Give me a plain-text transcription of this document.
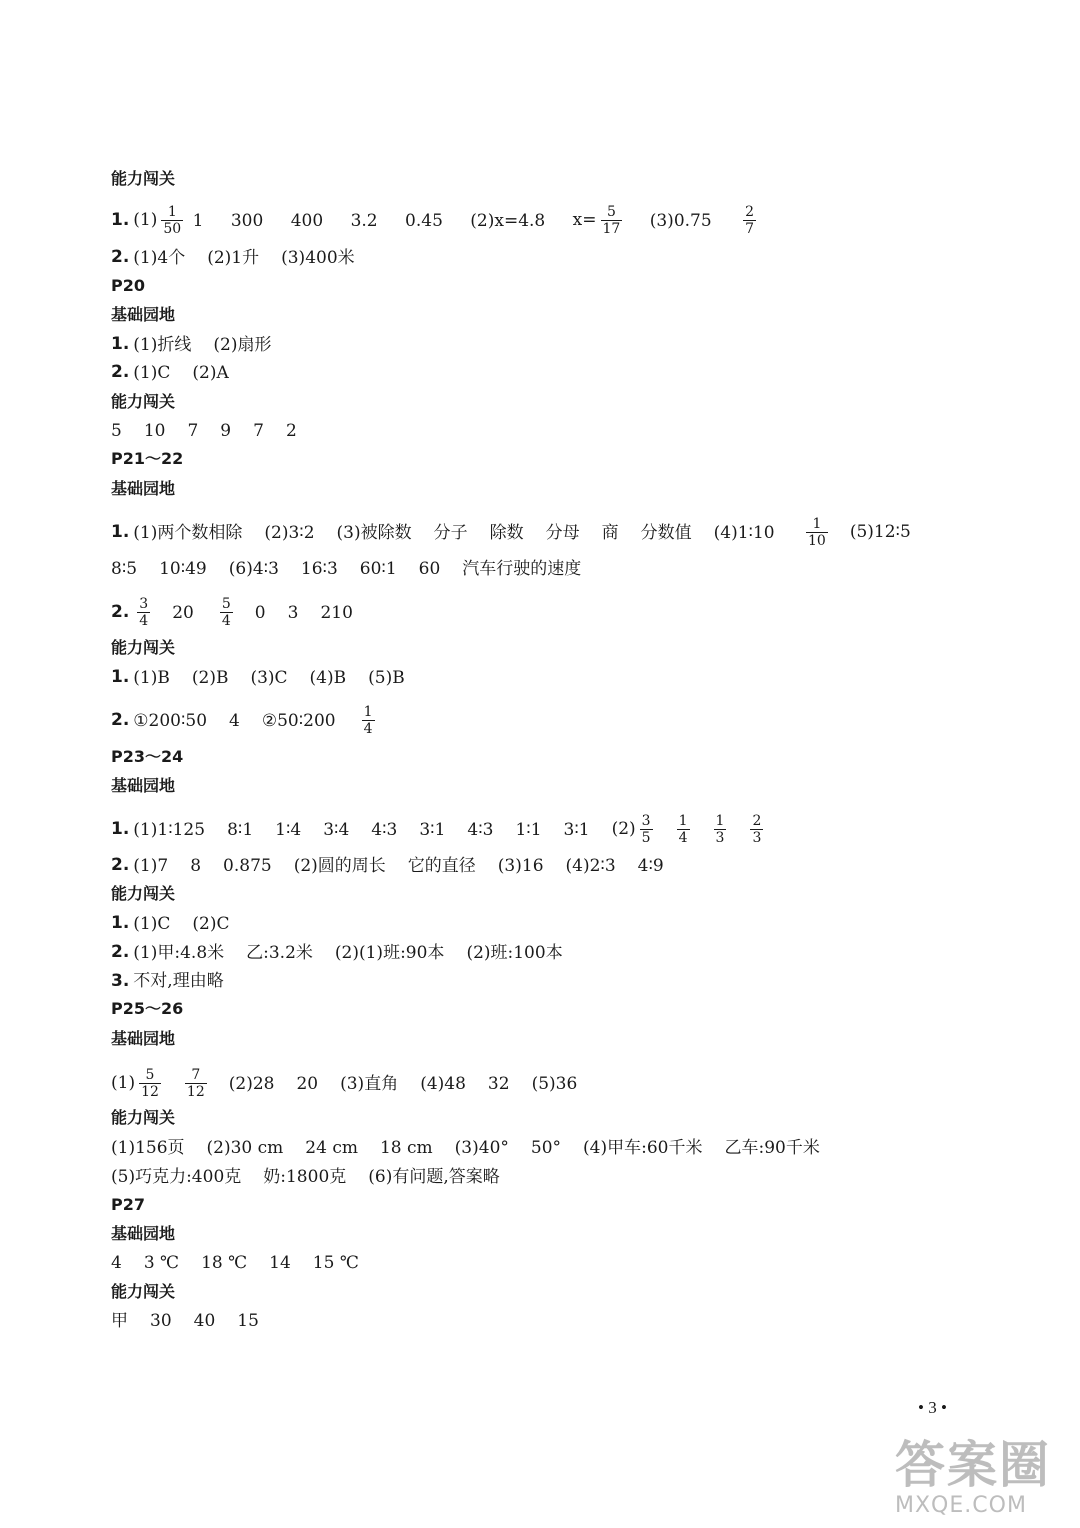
能力闯关
1. $(1) \frac{1}{50} 1$ 300 400 3.2 0.45 (2)x=4.8 $x= \frac{5}{17} (3)0.75 \frac{2}{7}$
2. (1)4个 (2)1升 (3)400米
P20
基础园地
1. (1)折线 (2)扇形
2. (1)C (2)A
能力闯关
5 10 7 9 7 2
P21～22
基础园地
1. (1)两个数相除 (2)3∶2 (3)被除数 分子 除数 分母 商 分数值 (4)1∶10 $\frac{1}{10}$ (5)12∶5
8∶5 10∶49 (6)4∶3 16∶3 60∶1 60 汽车行驶的速度
2. $\frac{3}{4} 20 \frac{5}{4} 0$ 3 210
能力闯关
1. (1)B (2)B (3)C (4)B (5)B
2. ①200∶50 4 ②50∶200 $\frac{1}{4}$
P23～24
基础园地
1. (1)1∶125 8∶1 1∶4 3∶4 4∶3 3∶1 4∶3 1∶1 3∶1 $(2) \frac{3}{5} \frac{1}{4} \frac{1}{3} \frac{2}{3}$
2. (1)7 8 0.875 (2)圆的周长 它的直径 (3)16 (4)2∶3 4∶9
能力闯关
1. (1)C (2)C
2. (1)甲:4.8米 乙:3.2米 (2)(1)班:90本 (2)班:100本
3. 不对,理由略
P25～26
基础园地
$(1) \frac{5}{12} \frac{7}{12} (2)28$ 20 (3)直角 (4)48 32 (5)36
能力闯关
(1)156页 (2)30 cm 24 cm 18 cm (3)40° 50° (4)甲车:60千米 乙车:90千米
(5)巧克力:400克 奶:1800克 (6)有问题,答案略
P27
基础园地
4 3 ℃ 18 ℃ 14 15 ℃
能力闯关
甲 30 40 15
• 3 •
答案圈
MXQE.COM
